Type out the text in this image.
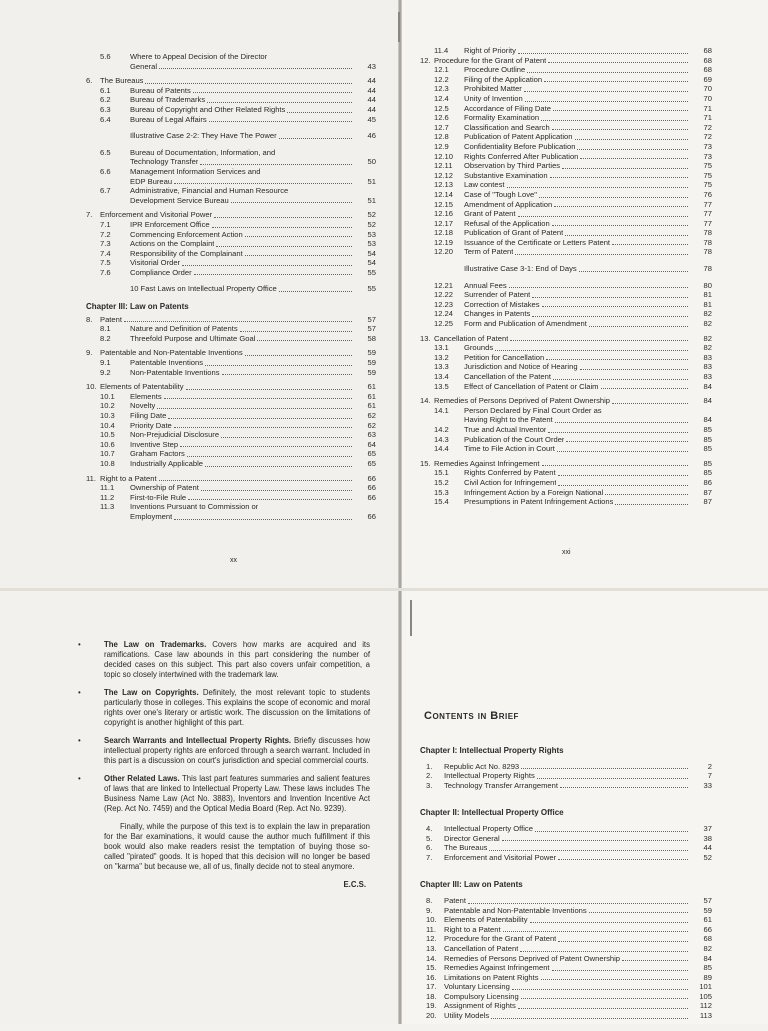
5.6	Where to Appeal Decision of the Director
General	43
6.	The Bureaus	44
6.1	Bureau of Patents	44
6.2	Bureau of Trademarks	44
6.3	Bureau of Copyright and Other Related Rights	44
6.4	Bureau of Legal Affairs	45
Illustrative Case 2-2: They Have The Power	46
6.5	Bureau of Documentation, Information, and
Technology Transfer	50
6.6	Management Information Services and
EDP Bureau	51
6.7	Administrative, Financial and Human Resource
Development Service Bureau	51
7.	Enforcement and Visitorial Power	52
7.1	IPR Enforcement Office	52
7.2	Commencing Enforcement Action	53
7.3	Actions on the Complaint	53
7.4	Responsibility of the Complainant	54
7.5	Visitorial Order	54
7.6	Compliance Order	55
10 Fast Laws on Intellectual Property Office	55
Chapter III: Law on Patents
8.	Patent	57
8.1	Nature and Definition of Patents	57
8.2	Threefold Purpose and Ultimate Goal	58
9.	Patentable and Non-Patentable Inventions	59
9.1	Patentable Inventions	59
9.2	Non-Patentable Inventions	59
10. Elements of Patentability	61
10.1	Elements	61
10.2	Novelty	61
10.3	Filing Date	62
10.4	Priority Date	62
10.5	Non-Prejudicial Disclosure	63
10.6	Inventive Step	64
10.7	Graham Factors	65
10.8	Industrially Applicable	65
11. Right to a Patent	66
11.1	Ownership of Patent	66
11.2	First-to-File Rule	66
11.3	Inventions Pursuant to Commission or
Employment	66
xx
11.4	Right of Priority	68
12. Procedure for the Grant of Patent	68
12.1	Procedure Outline	68
12.2	Filing of the Application	69
12.3	Prohibited Matter	70
12.4	Unity of Invention	70
12.5	Accordance of Filing Date	71
12.6	Formality Examination	71
12.7	Classification and Search	72
12.8	Publication of Patent Application	72
12.9	Confidentiality Before Publication	73
12.10	Rights Conferred After Publication	73
12.11	Observation by Third Parties	75
12.12	Substantive Examination	75
12.13	Law contest	75
12.14	Case of "Tough Love"	76
12.15	Amendment of Application	77
12.16	Grant of Patent	77
12.17	Refusal of the Application	77
12.18	Publication of Grant of Patent	78
12.19	Issuance of the Certificate or Letters Patent	78
12.20	Term of Patent	78
Illustrative Case 3-1: End of Days	78
12.21	Annual Fees	80
12.22	Surrender of Patent	81
12.23	Correction of Mistakes	81
12.24	Changes in Patents	82
12.25	Form and Publication of Amendment	82
13. Cancellation of Patent	82
13.1	Grounds	82
13.2	Petition for Cancellation	83
13.3	Jurisdiction and Notice of Hearing	83
13.4	Cancellation of the Patent	83
13.5	Effect of Cancellation of Patent or Claim	84
14. Remedies of Persons Deprived of Patent Ownership	84
14.1	Person Declared by Final Court Order as
Having Right to the Patent	84
14.2	True and Actual Inventor	85
14.3	Publication of the Court Order	85
14.4	Time to File Action in Court	85
15. Remedies Against Infringement	85
15.1	Rights Conferred by Patent	85
15.2	Civil Action for Infringement	86
15.3	Infringement Action by a Foreign National	87
15.4	Presumptions in Patent Infringement Actions	87
xxi

•	The Law on Trademarks. Covers how marks are acquired and its ramifications. Case law abounds in this part considering the number of decided cases on this subject. This part also covers unfair competition, a topic so closely intertwined with the trademark law.

•	The Law on Copyrights. Definitely, the most relevant topic to students particularly those in colleges. This explains the scope of economic and moral rights over one's literary or artistic work. The discussion on the limitations of copyright is another highlight of this part.

•	Search Warrants and Intellectual Property Rights. Briefly discusses how intellectual property rights are enforced through a search warrant. Included in this part is a discussion on court's jurisdiction and special commercial courts.

•	Other Related Laws. This last part features summaries and salient features of laws that are linked to Intellectual Property Law. These laws includes The Business Name Law (Act No. 3883), Inventors and Invention Incentive Act (Rep. Act No. 7459) and the Optical Media Board (Rep. Act No. 9239).

Finally, while the purpose of this text is to explain the law in preparation for the Bar examinations, it would cause the author much fulfillment if this book would also make readers resist the temptation of buying those so-called "pirated" goods. It is hoped that this decision will no longer be based on "karma" but because we, all of us, finally decide not to steal anymore.

E.C.S.
Contents in Brief
Chapter I: Intellectual Property Rights
1.	Republic Act No. 8293	2
2.	Intellectual Property Rights	7
3.	Technology Transfer Arrangement	33
Chapter II: Intellectual Property Office
4.	Intellectual Property Office	37
5.	Director General	38
6.	The Bureaus	44
7.	Enforcement and Visitorial Power	52
Chapter III: Law on Patents
8.	Patent	57
9.	Patentable and Non-Patentable Inventions	59
10. Elements of Patentability	61
11.	Right to a Patent	66
12. Procedure for the Grant of Patent	68
13. Cancellation of Patent	82
14. Remedies of Persons Deprived of Patent Ownership	84
15. Remedies Against Infringement	85
16. Limitations on Patent Rights	89
17. Voluntary Licensing	101
18. Compulsory Licensing	105
19. Assignment of Rights	112
20. Utility Models	113
